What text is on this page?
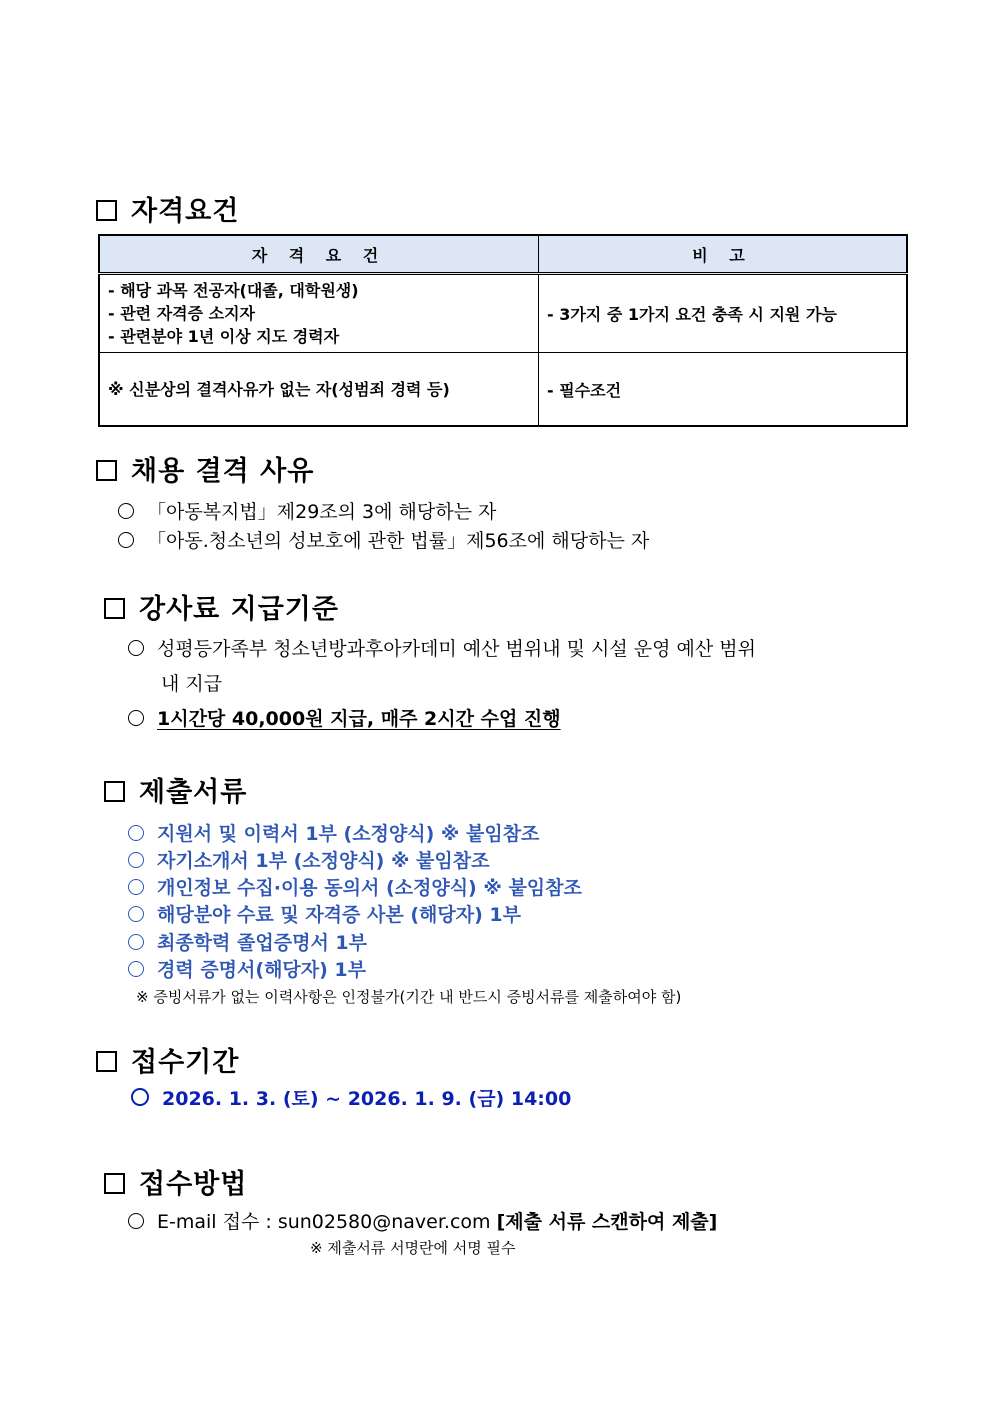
자격요건
자 격 요 건	비 고

- 해당 과목 전공자(대졸, 대학원생)
- 관련 자격증 소지자
- 관련분야 1년 이상 지도 경력자	- 3가지 중 1가지 요건 충족 시 지원 가능

※ 신분상의 결격사유가 없는 자(성범죄 경력 등)	- 필수조건
채용 결격 사유
「아동복지법」제29조의 3에 해당하는 자
「아동.청소년의 성보호에 관한 법률」제56조에 해당하는 자
강사료 지급기준
성평등가족부 청소년방과후아카데미 예산 범위내 및 시설 운영 예산 범위
내 지급
1시간당 40,000원 지급, 매주 2시간 수업 진행
제출서류
지원서 및 이력서 1부 (소정양식) ※ 붙임참조
자기소개서 1부 (소정양식) ※ 붙임참조
개인정보 수집·이용 동의서 (소정양식) ※ 붙임참조
해당분야 수료 및 자격증 사본 (해당자) 1부
최종학력 졸업증명서 1부
경력 증명서(해당자) 1부
※ 증빙서류가 없는 이력사항은 인정불가(기간 내 반드시 증빙서류를 제출하여야 함)
접수기간
2026. 1. 3. (토) ~ 2026. 1. 9. (금) 14:00
접수방법
E-mail 접수 : sun02580@naver.com [제출 서류 스캔하여 제출]
※ 제출서류 서명란에 서명 필수
